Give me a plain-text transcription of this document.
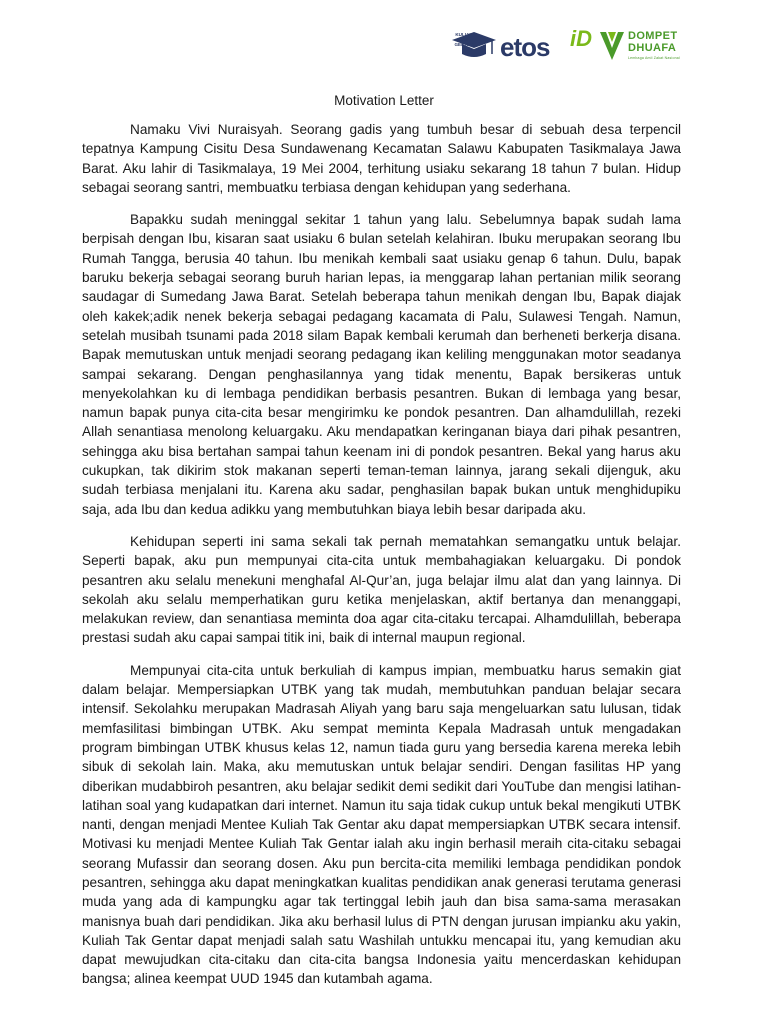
KULIAH TAK GENTAR etos iD	DOMPET
DHUAFA
Lembaga Amil Zakat Nasional
Motivation Letter

Namaku Vivi Nuraisyah. Seorang gadis yang tumbuh besar di sebuah desa terpencil tepatnya Kampung Cisitu Desa Sundawenang Kecamatan Salawu Kabupaten Tasikmalaya Jawa Barat. Aku lahir di Tasikmalaya, 19 Mei 2004, terhitung usiaku sekarang 18 tahun 7 bulan. Hidup sebagai seorang santri, membuatku terbiasa dengan kehidupan yang sederhana.

Bapakku sudah meninggal sekitar 1 tahun yang lalu. Sebelumnya bapak sudah lama berpisah dengan Ibu, kisaran saat usiaku 6 bulan setelah kelahiran. Ibuku merupakan seorang Ibu Rumah Tangga, berusia 40 tahun. Ibu menikah kembali saat usiaku genap 6 tahun. Dulu, bapak baruku bekerja sebagai seorang buruh harian lepas, ia menggarap lahan pertanian milik seorang saudagar di Sumedang Jawa Barat. Setelah beberapa tahun menikah dengan Ibu, Bapak diajak oleh kakek;adik nenek bekerja sebagai pedagang kacamata di Palu, Sulawesi Tengah. Namun, setelah musibah tsunami pada 2018 silam Bapak kembali kerumah dan berheneti berkerja disana. Bapak memutuskan untuk menjadi seorang pedagang ikan keliling menggunakan motor seadanya sampai sekarang. Dengan penghasilannya yang tidak menentu, Bapak bersikeras untuk menyekolahkan ku di lembaga pendidikan berbasis pesantren. Bukan di lembaga yang besar, namun bapak punya cita-cita besar mengirimku ke pondok pesantren. Dan alhamdulillah, rezeki Allah senantiasa menolong keluargaku. Aku mendapatkan keringanan biaya dari pihak pesantren, sehingga aku bisa bertahan sampai tahun keenam ini di pondok pesantren. Bekal yang harus aku cukupkan, tak dikirim stok makanan seperti teman-teman lainnya, jarang sekali dijenguk, aku sudah terbiasa menjalani itu. Karena aku sadar, penghasilan bapak bukan untuk menghidupiku saja, ada Ibu dan kedua adikku yang membutuhkan biaya lebih besar daripada aku.

Kehidupan seperti ini sama sekali tak pernah mematahkan semangatku untuk belajar. Seperti bapak, aku pun mempunyai cita-cita untuk membahagiakan keluargaku. Di pondok pesantren aku selalu menekuni menghafal Al-Qur’an, juga belajar ilmu alat dan yang lainnya. Di sekolah aku selalu memperhatikan guru ketika menjelaskan, aktif bertanya dan menanggapi, melakukan review, dan senantiasa meminta doa agar cita-citaku tercapai. Alhamdulillah, beberapa prestasi sudah aku capai sampai titik ini, baik di internal maupun regional.

Mempunyai cita-cita untuk berkuliah di kampus impian, membuatku harus semakin giat dalam belajar. Mempersiapkan UTBK yang tak mudah, membutuhkan panduan belajar secara intensif. Sekolahku merupakan Madrasah Aliyah yang baru saja mengeluarkan satu lulusan, tidak memfasilitasi bimbingan UTBK. Aku sempat meminta Kepala Madrasah untuk mengadakan program bimbingan UTBK khusus kelas 12, namun tiada guru yang bersedia karena mereka lebih sibuk di sekolah lain. Maka, aku memutuskan untuk belajar sendiri. Dengan fasilitas HP yang diberikan mudabbiroh pesantren, aku belajar sedikit demi sedikit dari YouTube dan mengisi latihan-latihan soal yang kudapatkan dari internet. Namun itu saja tidak cukup untuk bekal mengikuti UTBK nanti, dengan menjadi Mentee Kuliah Tak Gentar aku dapat mempersiapkan UTBK secara intensif. Motivasi ku menjadi Mentee Kuliah Tak Gentar ialah aku ingin berhasil meraih cita-citaku sebagai seorang Mufassir dan seorang dosen. Aku pun bercita-cita memiliki lembaga pendidikan pondok pesantren, sehingga aku dapat meningkatkan kualitas pendidikan anak generasi terutama generasi muda yang ada di kampungku agar tak tertinggal lebih jauh dan bisa sama-sama merasakan manisnya buah dari pendidikan. Jika aku berhasil lulus di PTN dengan jurusan impianku aku yakin, Kuliah Tak Gentar dapat menjadi salah satu Washilah untukku mencapai itu, yang kemudian aku dapat mewujudkan cita-citaku dan cita-cita bangsa Indonesia yaitu mencerdaskan kehidupan bangsa; alinea keempat UUD 1945 dan kutambah agama.
